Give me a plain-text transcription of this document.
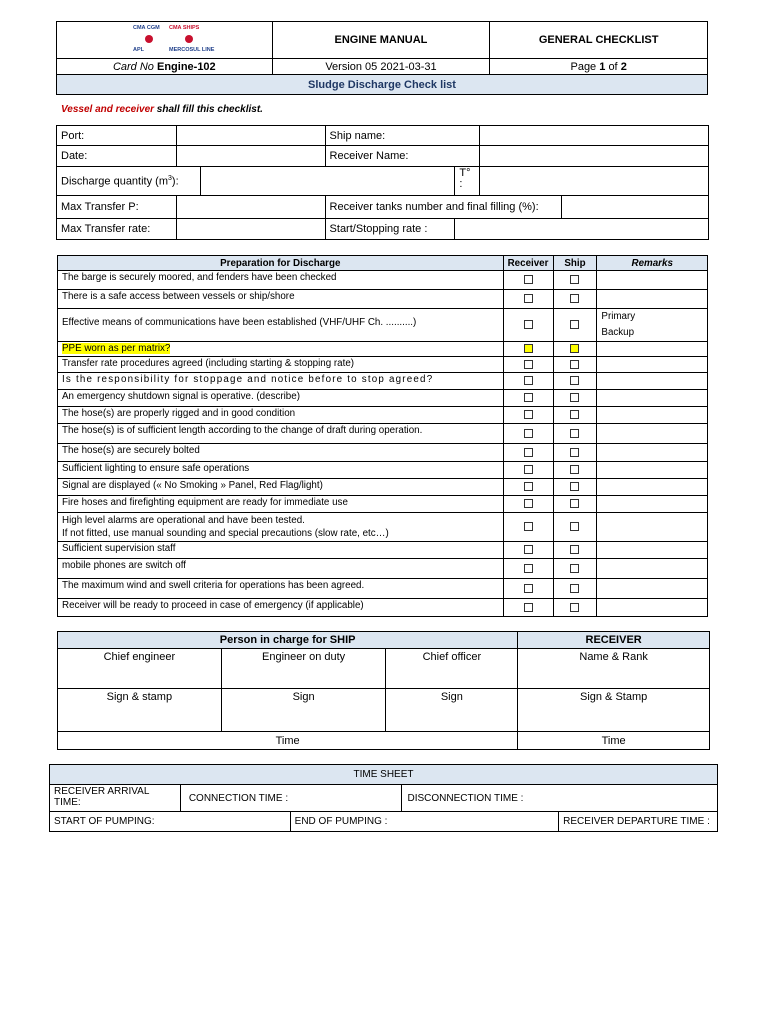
CMA CGM CMA SHIPS
APL MERCOSUL LINE	ENGINE MANUAL	GENERAL CHECKLIST
Card No Engine-102	Version 05 2021-03-31	Page 1 of 2
Sludge Discharge Check list		
Vessel and receiver shall fill this checklist.
Port:			Ship name:			
Date:			Receiver Name:			
Discharge quantity $(m^3)$:				T°
:		
Max Transfer P:			Receiver tanks number and final filling (%):			
Max Transfer rate:			Start/Stopping rate :			
Preparation for Discharge	Receiver	Ship	Remarks
The barge is securely moored, and fenders have been checked			
There is a safe access between vessels or ship/shore			
Effective means of communications have been established (VHF/UHF Ch. ..........)			Primary
Backup
PPE worn as per matrix?			
Transfer rate procedures agreed (including starting & stopping rate)			
Is the responsibility for stoppage and notice before to stop agreed?			
An emergency shutdown signal is operative. (describe)			
The hose(s) are properly rigged and in good condition			
The hose(s) is of sufficient length according to the change of draft during operation.			
The hose(s) are securely bolted			
Sufficient lighting to ensure safe operations			
Signal are displayed (« No Smoking » Panel, Red Flag/light)			
Fire hoses and firefighting equipment are ready for immediate use			
High level alarms are operational and have been tested.
If not fitted, use manual sounding and special precautions (slow rate, etc…)			
Sufficient supervision staff			
mobile phones are switch off			
The maximum wind and swell criteria for operations has been agreed.			
Receiver will be ready to proceed in case of emergency (if applicable)			
Person in charge for SHIP			RECEIVER
Chief engineer	Engineer on duty	Chief officer	Name & Rank
Sign & stamp	Sign	Sign	Sign & Stamp
Time			Time
TIME SHEET				
RECEIVER ARRIVAL TIME:	CONNECTION TIME :		DISCONNECTION TIME :	
START OF PUMPING:		END OF PUMPING :		RECEIVER DEPARTURE TIME :
